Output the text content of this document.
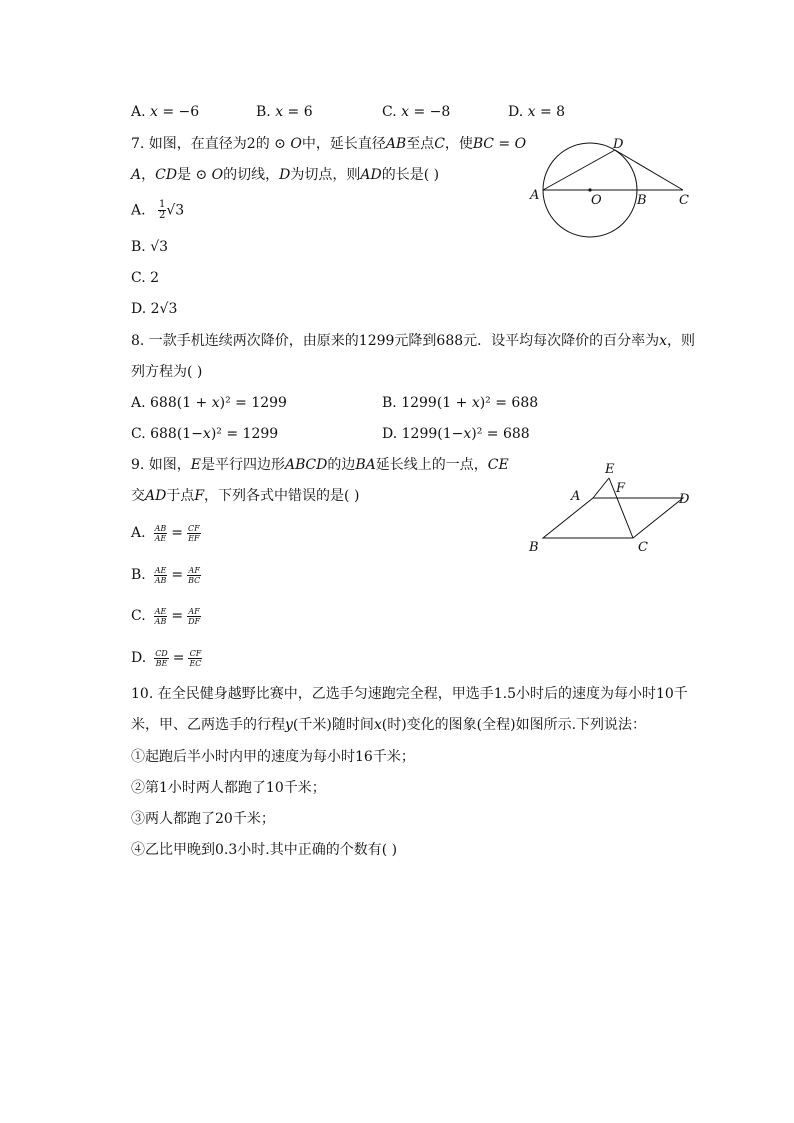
A. 𝑥 = −6	B. 𝑥 = 6	C. 𝑥 = −8	D. 𝑥 = 8
7. 如图，在直径为2的 ⊙ 𝑂中，延长直径𝐴𝐵至点𝐶，使𝐵𝐶 = 𝑂
𝐴，𝐶𝐷是 ⊙ 𝑂的切线，𝐷为切点，则𝐴𝐷的长是( )
A. $\frac{1}{2} √3$
B. √3
C. 2
D. 2√3
A	O	B C
D
8. 一款手机连续两次降价，由原来的1299元降到688元．设平均每次降价的百分率为𝑥，则
列方程为( )
A. 688(1 + 𝑥)² = 1299	B. 1299(1 + 𝑥)² = 688
C. 688(1−𝑥)² = 1299	D. 1299(1−𝑥)² = 688
9. 如图，𝐸是平行四边形𝐴𝐵𝐶𝐷的边𝐵𝐴延长线上的一点，𝐶𝐸
交𝐴𝐷于点𝐹，下列各式中错误的是( )
A. $\frac{AB}{AE} = \frac{CF}{EF}$
B. $\frac{AE}{AB} = \frac{AF}{BC}$
C. $\frac{AE}{AB} = \frac{AF}{DF}$
D. $\frac{CD}{BE} = \frac{CF}{EC}$
E
A
F
D
B	C
10. 在全民健身越野比赛中，乙选手匀速跑完全程，甲选手1.5小时后的速度为每小时10千
米，甲、乙两选手的行程𝑦(千米)随时间𝑥(时)变化的图象(全程)如图所示.下列说法：
①起跑后半小时内甲的速度为每小时16千米；
②第1小时两人都跑了10千米；
③两人都跑了20千米；
④乙比甲晚到0.3小时.其中正确的个数有( )
